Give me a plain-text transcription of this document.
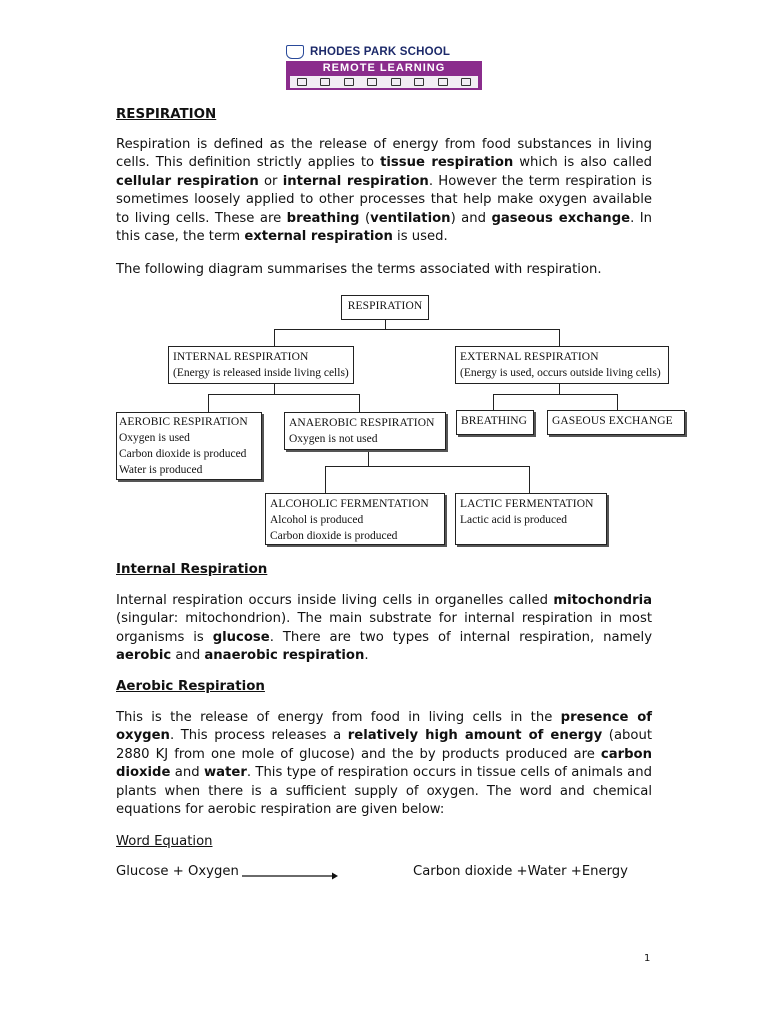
RHODES PARK SCHOOL
REMOTE LEARNING
RESPIRATION
Respiration is defined as the release of energy from food substances in living cells. This definition strictly applies to tissue respiration which is also called cellular respiration or internal respiration. However the term respiration is sometimes loosely applied to other processes that help make oxygen available to living cells. These are breathing (ventilation) and gaseous exchange. In this case, the term external respiration is used.
The following diagram summarises the terms associated with respiration.
RESPIRATION
INTERNAL RESPIRATION
(Energy is released inside living cells)
EXTERNAL RESPIRATION
(Energy is used, occurs outside living cells)
AEROBIC RESPIRATION
Oxygen is used
Carbon dioxide is produced
Water is produced
ANAEROBIC RESPIRATION
Oxygen is not used
BREATHING GASEOUS EXCHANGE
ALCOHOLIC FERMENTATION
Alcohol is produced
Carbon dioxide is produced
LACTIC FERMENTATION
Lactic acid is produced
Internal Respiration
Internal respiration occurs inside living cells in organelles called mitochondria (singular: mitochondrion). The main substrate for internal respiration in most organisms is glucose. There are two types of internal respiration, namely aerobic and anaerobic respiration.
Aerobic Respiration
This is the release of energy from food in living cells in the presence of oxygen. This process releases a relatively high amount of energy (about 2880 KJ from one mole of glucose) and the by products produced are carbon dioxide and water. This type of respiration occurs in tissue cells of animals and plants when there is a sufficient supply of oxygen. The word and chemical equations for aerobic respiration are given below:
Word Equation
Glucose + Oxygen	Carbon dioxide +Water +Energy
1
